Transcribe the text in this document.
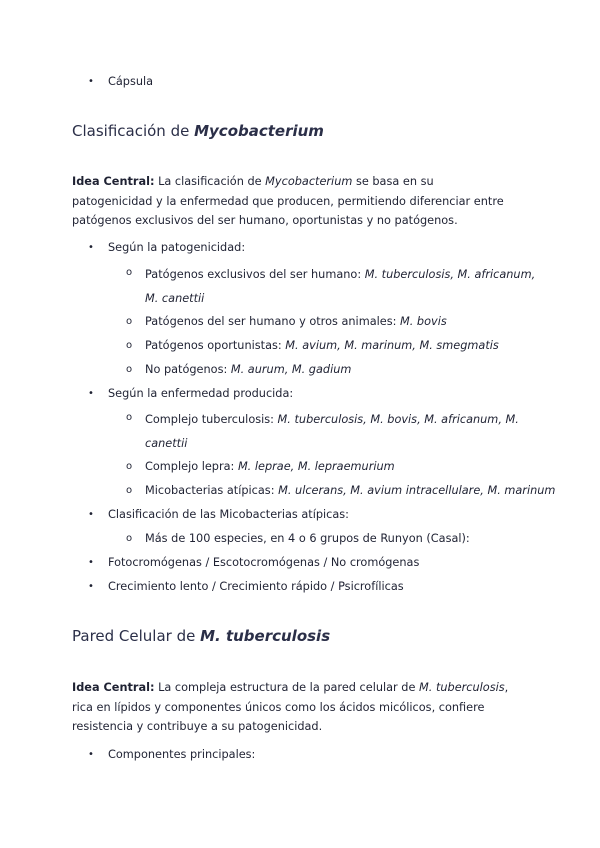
• Cápsula
Clasificación de Mycobacterium
Idea Central: La clasificación de Mycobacterium se basa en su patogenicidad y la enfermedad que producen, permitiendo diferenciar entre patógenos exclusivos del ser humano, oportunistas y no patógenos.
• Según la patogenicidad:
o Patógenos exclusivos del ser humano: M. tuberculosis, M. africanum, M. canettii
o Patógenos del ser humano y otros animales: M. bovis
o Patógenos oportunistas: M. avium, M. marinum, M. smegmatis
o No patógenos: M. aurum, M. gadium
• Según la enfermedad producida:
o Complejo tuberculosis: M. tuberculosis, M. bovis, M. africanum, M. canettii
o Complejo lepra: M. leprae, M. lepraemurium
o Micobacterias atípicas: M. ulcerans, M. avium intracellulare, M. marinum
• Clasificación de las Micobacterias atípicas:
o Más de 100 especies, en 4 o 6 grupos de Runyon (Casal):
• Fotocromógenas / Escotocromógenas / No cromógenas
• Crecimiento lento / Crecimiento rápido / Psicrofílicas
Pared Celular de M. tuberculosis
Idea Central: La compleja estructura de la pared celular de M. tuberculosis, rica en lípidos y componentes únicos como los ácidos micólicos, confiere resistencia y contribuye a su patogenicidad.
• Componentes principales:
